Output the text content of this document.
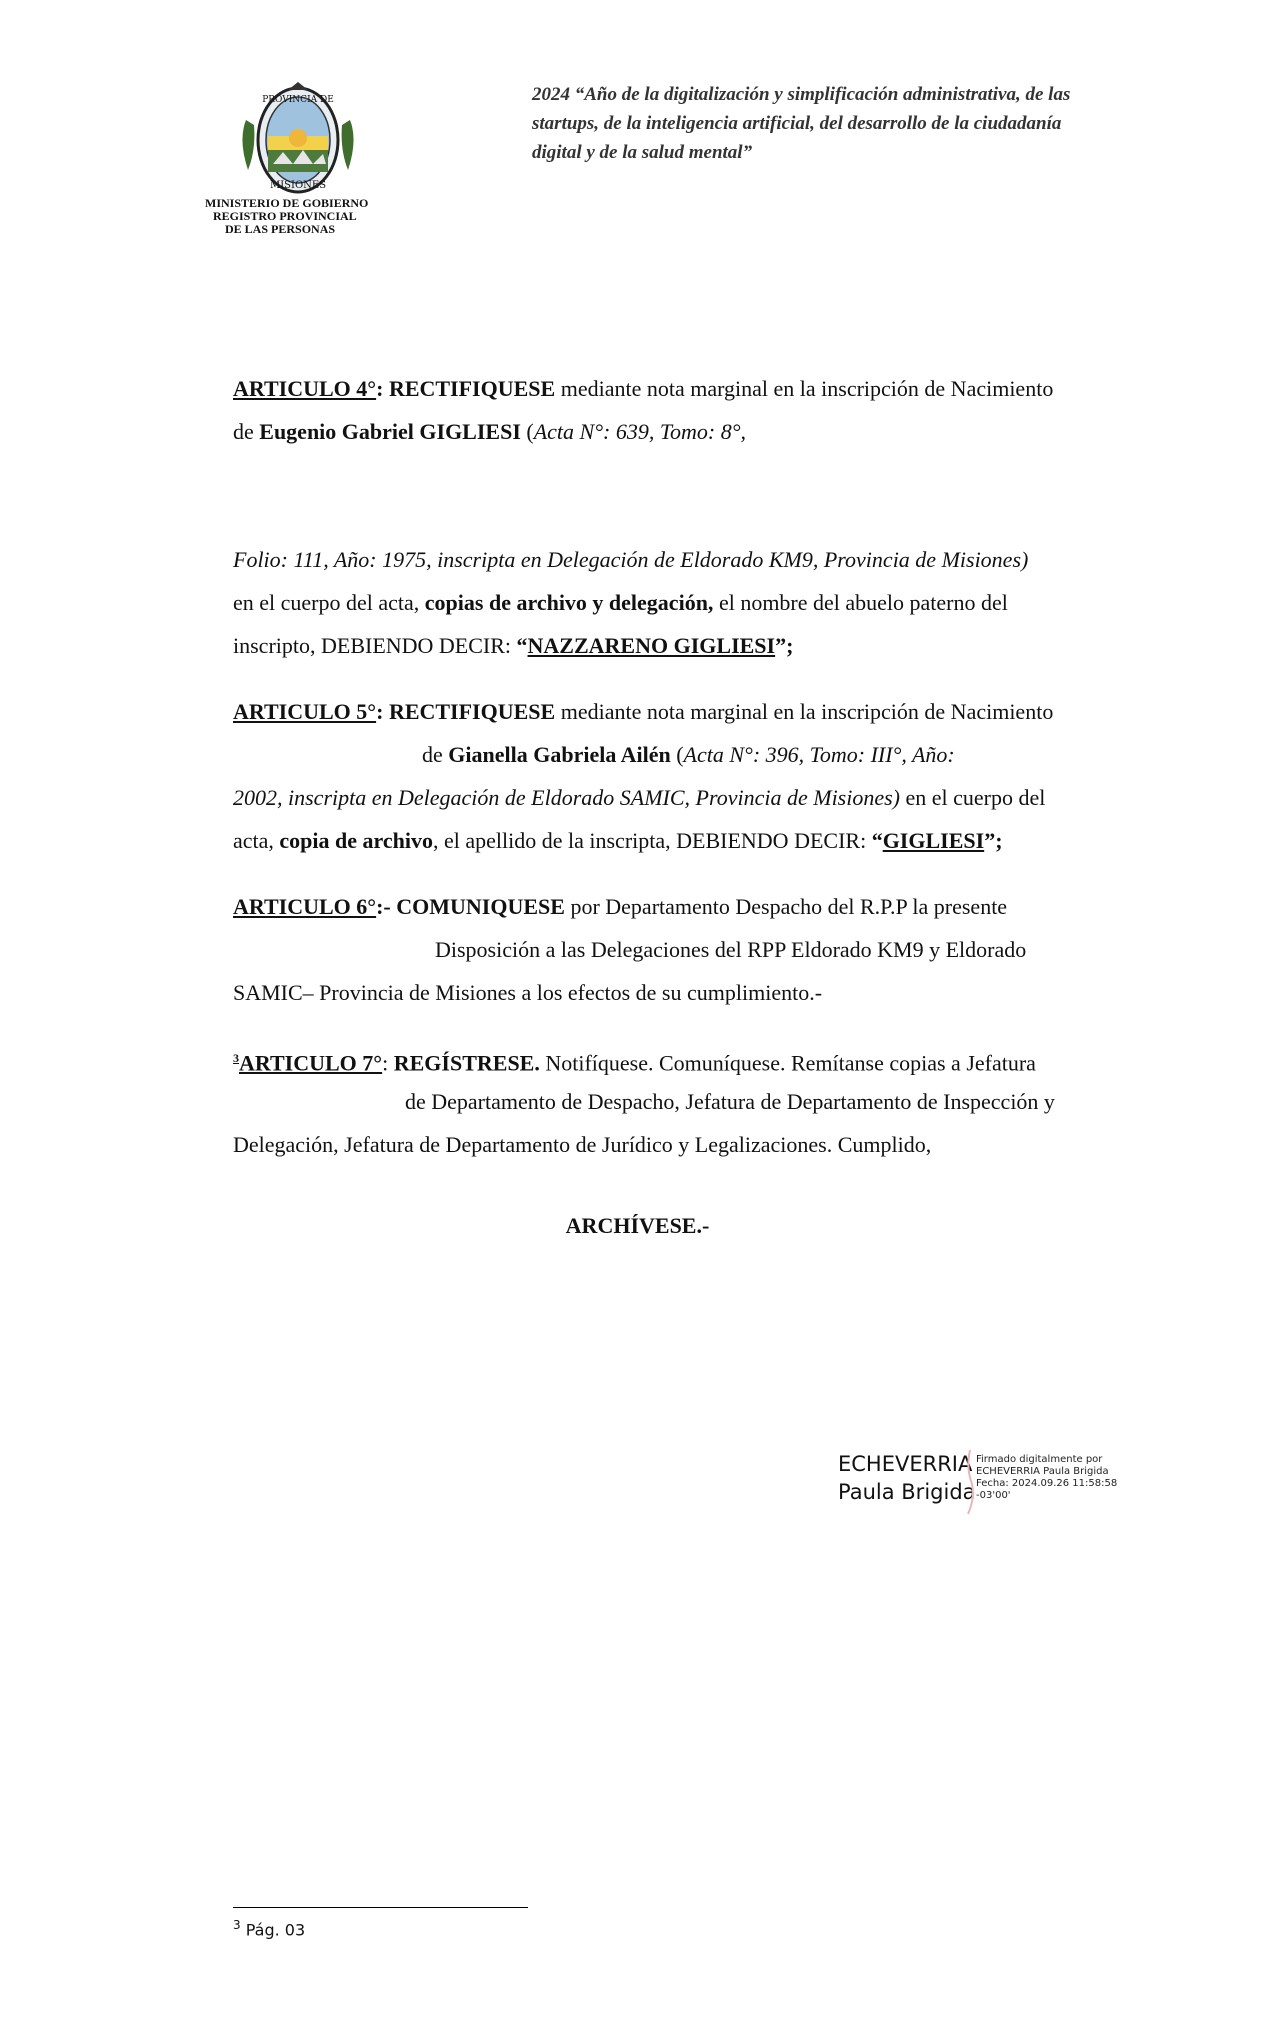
PROVINCIA DE
MISIONES
MINISTERIO DE GOBIERNO
REGISTRO PROVINCIAL
DE LAS PERSONAS
2024 “Año de la digitalización y simplificación administrativa, de las
startups, de la inteligencia artificial, del desarrollo de la ciudadanía
digital y de la salud mental”
ARTICULO 4°: RECTIFIQUESE mediante nota marginal en la inscripción de Nacimiento
de Eugenio Gabriel GIGLIESI (Acta N°: 639, Tomo: 8°,
Folio: 111, Año: 1975, inscripta en Delegación de Eldorado KM9, Provincia de Misiones)
en el cuerpo del acta, copias de archivo y delegación, el nombre del abuelo paterno del
inscripto, DEBIENDO DECIR: “NAZZARENO GIGLIESI”;
ARTICULO 5°: RECTIFIQUESE mediante nota marginal en la inscripción de Nacimiento
de Gianella Gabriela Ailén (Acta N°: 396, Tomo: III°, Año:
2002, inscripta en Delegación de Eldorado SAMIC, Provincia de Misiones) en el cuerpo del
acta, copia de archivo, el apellido de la inscripta, DEBIENDO DECIR: “GIGLIESI”;
ARTICULO 6°:- COMUNIQUESE por Departamento Despacho del R.P.P la presente
Disposición a las Delegaciones del RPP Eldorado KM9 y Eldorado
SAMIC– Provincia de Misiones a los efectos de su cumplimiento.-
$^3$ARTICULO 7°: REGÍSTRESE. Notifíquese. Comuníquese. Remítanse copias a Jefatura
de Departamento de Despacho, Jefatura de Departamento de Inspección y
Delegación, Jefatura de Departamento de Jurídico y Legalizaciones. Cumplido,
ARCHÍVESE.-
ECHEVERRIA
Paula Brigida
Firmado digitalmente por
ECHEVERRIA Paula Brigida
Fecha: 2024.09.26 11:58:58
-03'00'
$^3$ Pág. 03
